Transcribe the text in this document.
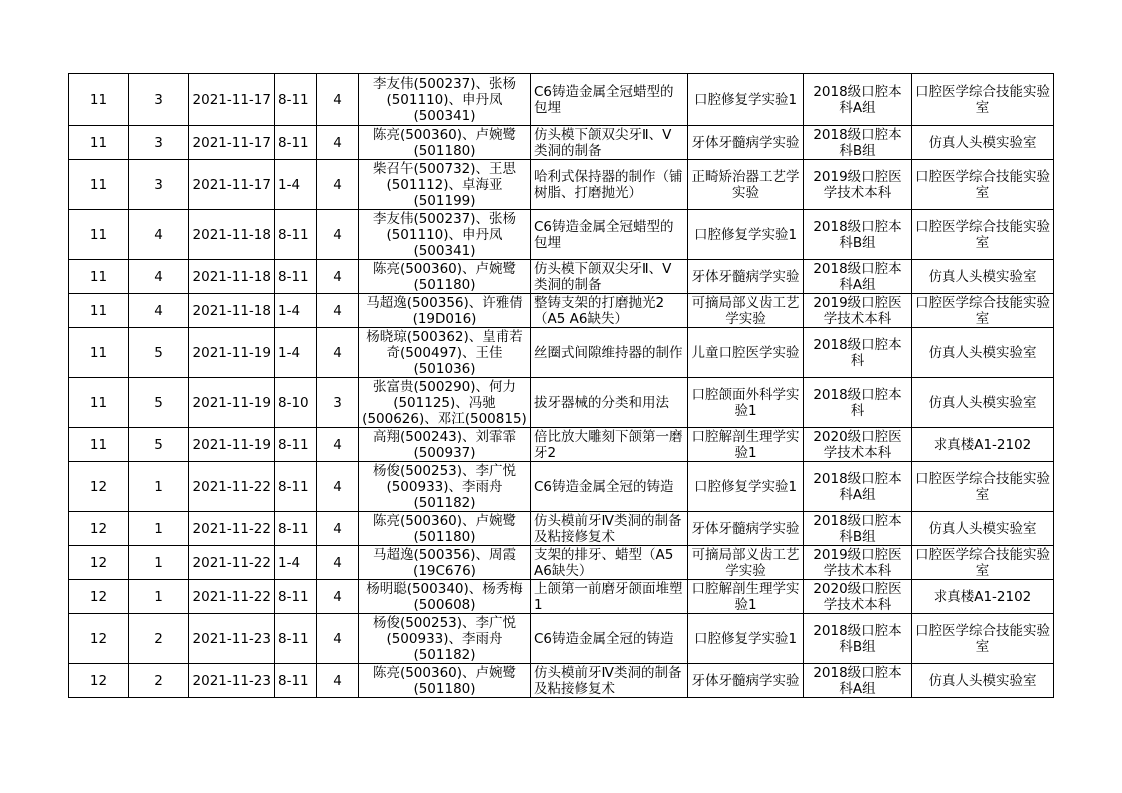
11	3	2021-11-17	8-11	4	李友伟(500237)、张杨(501110)、申丹凤(500341)	C6铸造金属全冠蜡型的包埋	口腔修复学实验1	2018级口腔本科A组	口腔医学综合技能实验室
11	3	2021-11-17	8-11	4	陈亮(500360)、卢婉鹭(501180)	仿头模下颌双尖牙Ⅱ、Ⅴ类洞的制备	牙体牙髓病学实验	2018级口腔本科B组	仿真人头模实验室
11	3	2021-11-17	1-4	4	柴召午(500732)、王思(501112)、卓海亚(501199)	哈利式保持器的制作（铺树脂、打磨抛光）	正畸矫治器工艺学实验	2019级口腔医学技术本科	口腔医学综合技能实验室
11	4	2021-11-18	8-11	4	李友伟(500237)、张杨(501110)、申丹凤(500341)	C6铸造金属全冠蜡型的包埋	口腔修复学实验1	2018级口腔本科B组	口腔医学综合技能实验室
11	4	2021-11-18	8-11	4	陈亮(500360)、卢婉鹭(501180)	仿头模下颌双尖牙Ⅱ、Ⅴ类洞的制备	牙体牙髓病学实验	2018级口腔本科A组	仿真人头模实验室
11	4	2021-11-18	1-4	4	马超逸(500356)、许雅倩(19D016)	整铸支架的打磨抛光2（A5 A6缺失）	可摘局部义齿工艺学实验	2019级口腔医学技术本科	口腔医学综合技能实验室
11	5	2021-11-19	1-4	4	杨晓琼(500362)、皇甫若奇(500497)、王佳(501036)	丝圈式间隙维持器的制作	儿童口腔医学实验	2018级口腔本科	仿真人头模实验室
11	5	2021-11-19	8-10	3	张富贵(500290)、何力(501125)、冯驰(500626)、邓江(500815)	拔牙器械的分类和用法	口腔颌面外科学实验1	2018级口腔本科	仿真人头模实验室
11	5	2021-11-19	8-11	4	高翔(500243)、刘霏霏(500937)	倍比放大雕刻下颌第一磨牙2	口腔解剖生理学实验1	2020级口腔医学技术本科	求真楼A1-2102
12	1	2021-11-22	8-11	4	杨俊(500253)、李广悦(500933)、李雨舟(501182)	C6铸造金属全冠的铸造	口腔修复学实验1	2018级口腔本科A组	口腔医学综合技能实验室
12	1	2021-11-22	8-11	4	陈亮(500360)、卢婉鹭(501180)	仿头模前牙Ⅳ类洞的制备及粘接修复术	牙体牙髓病学实验	2018级口腔本科B组	仿真人头模实验室
12	1	2021-11-22	1-4	4	马超逸(500356)、周霞(19C676)	支架的排牙、蜡型（A5 A6缺失）	可摘局部义齿工艺学实验	2019级口腔医学技术本科	口腔医学综合技能实验室
12	1	2021-11-22	8-11	4	杨明聪(500340)、杨秀梅(500608)	上颌第一前磨牙颌面堆塑1	口腔解剖生理学实验1	2020级口腔医学技术本科	求真楼A1-2102
12	2	2021-11-23	8-11	4	杨俊(500253)、李广悦(500933)、李雨舟(501182)	C6铸造金属全冠的铸造	口腔修复学实验1	2018级口腔本科B组	口腔医学综合技能实验室
12	2	2021-11-23	8-11	4	陈亮(500360)、卢婉鹭(501180)	仿头模前牙Ⅳ类洞的制备及粘接修复术	牙体牙髓病学实验	2018级口腔本科A组	仿真人头模实验室
